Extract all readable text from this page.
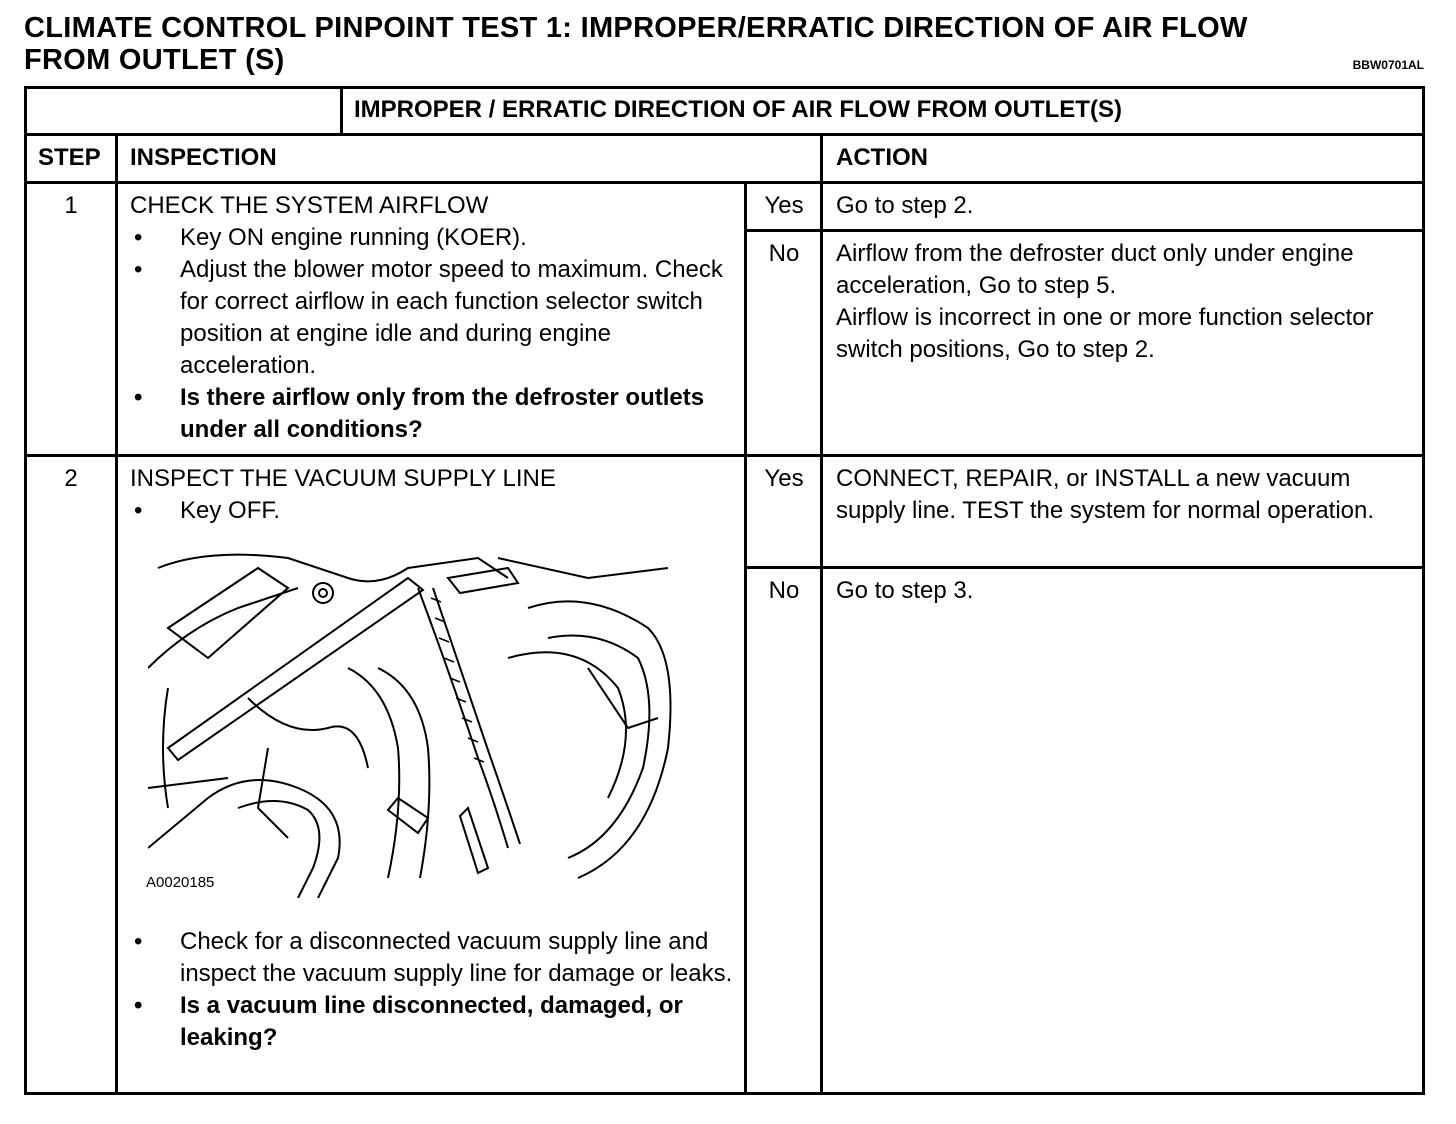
CLIMATE CONTROL PINPOINT TEST 1: IMPROPER/ERRATIC DIRECTION OF AIR FLOW
FROM OUTLET (S)	BBW0701AL
IMPROPER / ERRATIC DIRECTION OF AIR FLOW FROM OUTLET(S)
STEP INSPECTION	ACTION
1	CHECK THE SYSTEM AIRFLOW
• Key ON engine running (KOER).
• Adjust the blower motor speed to maximum. Check for correct airflow in each function selector switch position at engine idle and during engine acceleration.
• Is there airflow only from the defroster outlets under all conditions?
Yes	Go to step 2.
No	Airflow from the defroster duct only under engine acceleration, Go to step 5.
Airflow is incorrect in one or more function selector switch positions, Go to step 2.
2	INSPECT THE VACUUM SUPPLY LINE
• Key OFF.
A0020185
• Check for a disconnected vacuum supply line and inspect the vacuum supply line for damage or leaks.
• Is a vacuum line disconnected, damaged, or leaking?
Yes	CONNECT, REPAIR, or INSTALL a new vacuum supply line. TEST the system for normal operation.
No	Go to step 3.
